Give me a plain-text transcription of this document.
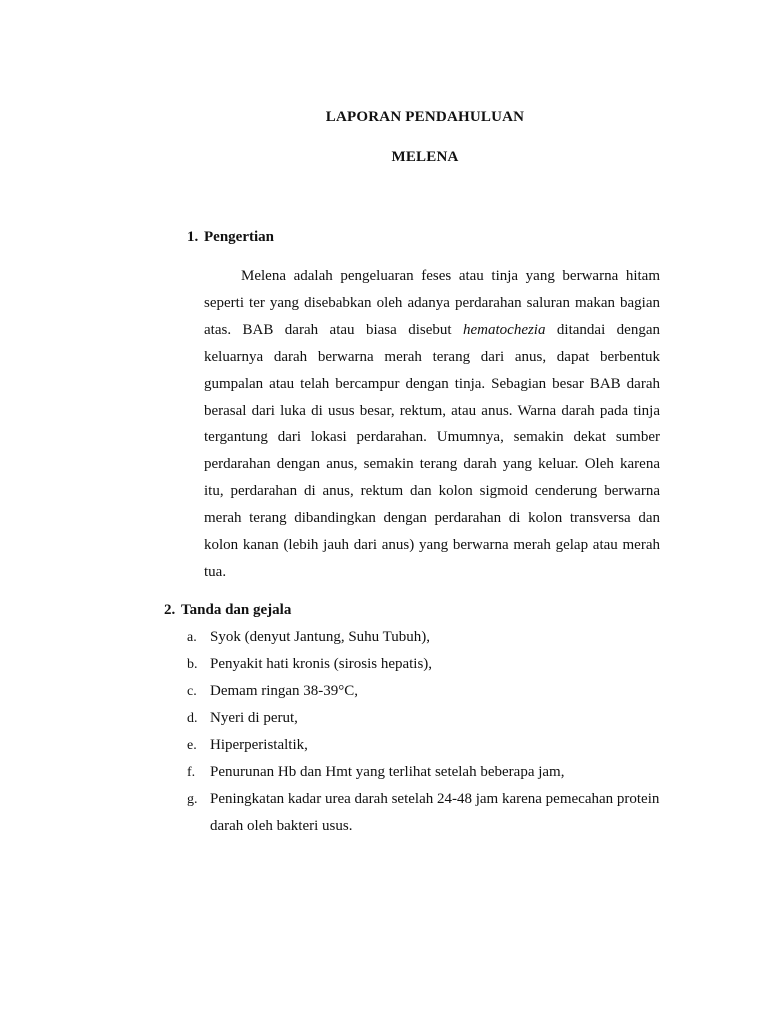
LAPORAN PENDAHULUAN
MELENA
1. Pengertian

Melena adalah pengeluaran feses atau tinja yang berwarna hitam seperti ter yang disebabkan oleh adanya perdarahan saluran makan bagian atas. BAB darah atau biasa disebut hematochezia ditandai dengan keluarnya darah berwarna merah terang dari anus, dapat berbentuk gumpalan atau telah bercampur dengan tinja. Sebagian besar BAB darah berasal dari luka di usus besar, rektum, atau anus. Warna darah pada tinja tergantung dari lokasi perdarahan. Umumnya, semakin dekat sumber perdarahan dengan anus, semakin terang darah yang keluar. Oleh karena itu, perdarahan di anus, rektum dan kolon sigmoid cenderung berwarna merah terang dibandingkan dengan perdarahan di kolon transversa dan kolon kanan (lebih jauh dari anus) yang berwarna merah gelap atau merah tua.

2. Tanda dan gejala
a. Syok (denyut Jantung, Suhu Tubuh),
b. Penyakit hati kronis (sirosis hepatis),
c. Demam ringan 38-39°C,
d. Nyeri di perut,
e. Hiperperistaltik,
f. Penurunan Hb dan Hmt yang terlihat setelah beberapa jam,
g. Peningkatan kadar urea darah setelah 24-48 jam karena pemecahan protein darah oleh bakteri usus.
